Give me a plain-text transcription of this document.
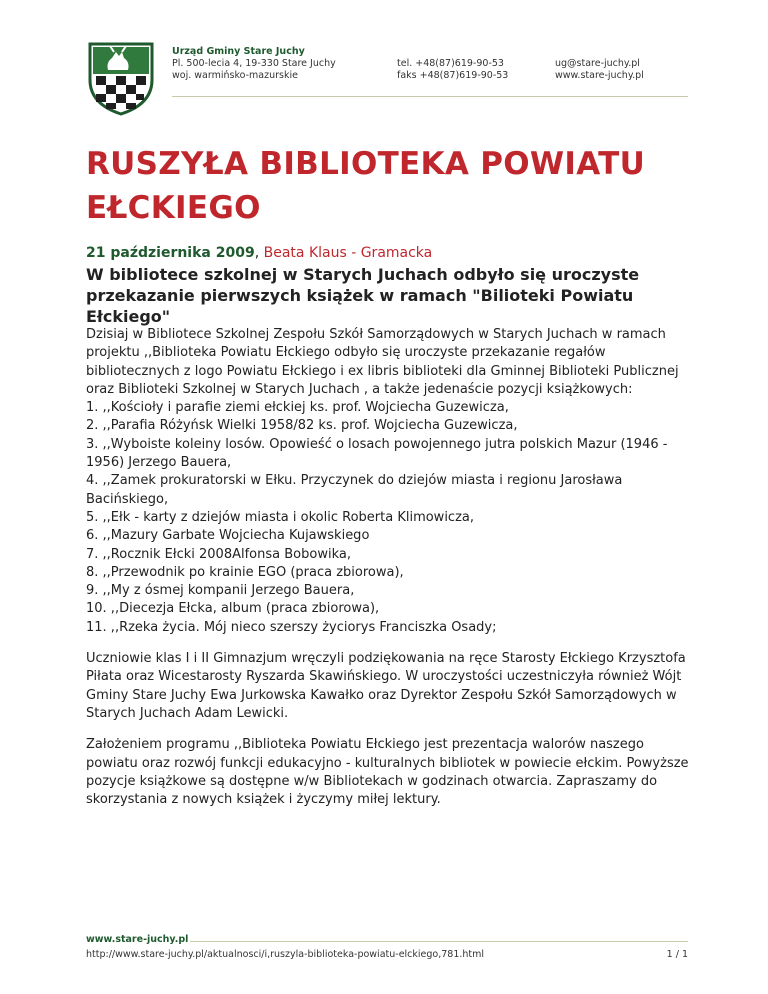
Urząd Gminy Stare Juchy
Pl. 500-lecia 4, 19-330 Stare Juchy
woj. warmińsko-mazurskie
tel. +48(87)619-90-53
faks +48(87)619-90-53
ug@stare-juchy.pl
www.stare-juchy.pl
RUSZYŁA BIBLIOTEKA POWIATU EŁCKIEGO
21 października 2009, Beata Klaus - Gramacka
W bibliotece szkolnej w Starych Juchach odbyło się uroczyste przekazanie pierwszych książek w ramach "Bilioteki Powiatu Ełckiego"
Dzisiaj w Bibliotece Szkolnej Zespołu Szkół Samorządowych w Starych Juchach w ramach projektu ,,Biblioteka Powiatu Ełckiego odbyło się uroczyste przekazanie regałów bibliotecznych z logo Powiatu Ełckiego i ex libris biblioteki dla Gminnej Biblioteki Publicznej oraz Biblioteki Szkolnej w Starych Juchach , a także jedenaście pozycji książkowych:
1. ,,Kościoły i parafie ziemi ełckiej ks. prof. Wojciecha Guzewicza,
2. ,,Parafia Różyńsk Wielki 1958/82 ks. prof. Wojciecha Guzewicza,
3. ,,Wyboiste koleiny losów. Opowieść o losach powojennego jutra polskich Mazur (1946 - 1956) Jerzego Bauera,
4. ,,Zamek prokuratorski w Ełku. Przyczynek do dziejów miasta i regionu Jarosława Bacińskiego,
5. ,,Ełk - karty z dziejów miasta i okolic Roberta Klimowicza,
6. ,,Mazury Garbate Wojciecha Kujawskiego
7. ,,Rocznik Ełcki 2008Alfonsa Bobowika,
8. ,,Przewodnik po krainie EGO (praca zbiorowa),
9. ,,My z ósmej kompanii Jerzego Bauera,
10. ,,Diecezja Ełcka, album (praca zbiorowa),
11. ,,Rzeka życia. Mój nieco szerszy życiorys Franciszka Osady;

Uczniowie klas I i II Gimnazjum wręczyli podziękowania na ręce Starosty Ełckiego Krzysztofa Piłata oraz Wicestarosty Ryszarda Skawińskiego. W uroczystości uczestniczyła również Wójt Gminy Stare Juchy Ewa Jurkowska Kawałko oraz Dyrektor Zespołu Szkół Samorządowych w Starych Juchach Adam Lewicki.

Założeniem programu ,,Biblioteka Powiatu Ełckiego jest prezentacja walorów naszego powiatu oraz rozwój funkcji edukacyjno - kulturalnych bibliotek w powiecie ełckim. Powyższe pozycje książkowe są dostępne w/w Bibliotekach w godzinach otwarcia. Zapraszamy do skorzystania z nowych książek i życzymy miłej lektury.

www.stare-juchy.pl
http://www.stare-juchy.pl/aktualnosci/i,ruszyla-biblioteka-powiatu-elckiego,781.html	1 / 1
